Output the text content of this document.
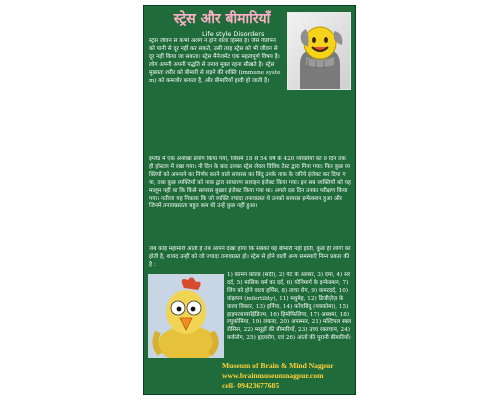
स्ट्रेस और बीमारियाँ
Life style Disorders
स्ट्रेस जीवन से कभी अलग न होने वाला हिस्सा है। जैसे गीलेपन को पानी से दूर नहीं कर सकते, उसी तरह स्ट्रेस को भी जीवन से दूर नहीं किया जा सकता। स्ट्रेस मैनेजमेंट एक महत्वपूर्ण विषय है। लोग अपनी अपनी पद्धति से तनाव मुक्त रहना सीखते है। स्ट्रेस मुख्यतः शरीर को बीमारी से लड़ने की शक्ति (immune system) को कमजोर बनाता है, और बीमारियाँ हावी हो जाती है।
इंग्लैंड में एक अनोखा प्रयोग किया गया, जिसमें 18 से 54 वर्ष के 420 व्यक्तियों को 9 दिन तक ही होस्टल में रखा गया। नौ दिन के बाद उनका स्ट्रेस लेवल विविध टेस्ट द्वारा गिना गया। फिर कुछ व्यक्तियों को अपनाने का निर्णय करने वाले सायरस का बिंदु उनके नाक के जरिये इंजेक्ट कर दिया गया, तथा कुछ व्यक्तियों को नाक द्वारा साधारण सलाइन इंजेक्ट किया गया। इन सब व्यक्तियों को यह मालूम नहीं था कि किसे सायरस बुखार इंजेक्ट किया गया था। अगले दस दिन उनका परीक्षण किया गया। नतीजा यह निकला कि जो व्यक्ति ज्यादा तनावग्रस्त थे उनको सायरस इन्फेक्शन हुआ और जिनमें तनावग्रस्तता बहुत कम थी उन्हें कुछ नहीं हुआ।
जब कोई महामारी आती है तब आपने देखा होगा कि सबको यह बीमारी नहीं होती, कुछ ही लोगों को होती है, शायद उन्हीं को जो ज्यादा तनावग्रस्त हो। स्ट्रेस से होने वाली अन्य समस्याएँ निम्न प्रकार की है :
1) कॉमन कोल्ड (सर्दी), 2) पेट के अल्सर, 3) दमा, 4) सरदर्द, 5) मासिक धर्म का दर्द, 6) योनिमार्ग के इन्फेक्शन, 7) लिंग को होने वाला हर्पिस, 8) त्वचा रोग, 9) कमरदर्द, 10) वांझपन (infertility), 11) मधुमेह, 12) डिजीज़ेज़ के वाल्व विकार, 13) हर्निया, 14) काँचबिंदु (ग्लाकोमा), 15) हाइपरथायरॉईडिज्म, 16) हिमोफिलिया, 17) अस्थमा, 18) ल्युकोमिया, 19) लकवा, 20) अपस्मार, 21) मल्टिपल स्क्लरोसिस, 22) मसूढ़ों की बीमारियाँ, 23) उच्च रक्तचाप, 24) कर्करोग, 25) हृदयरोग, एवं 26) आंतों की पुरानी बीमारियाँ।
Museum of Brain & Mind Nagpur
www.brainmuseumnagpur.com
cell- 09423677685
